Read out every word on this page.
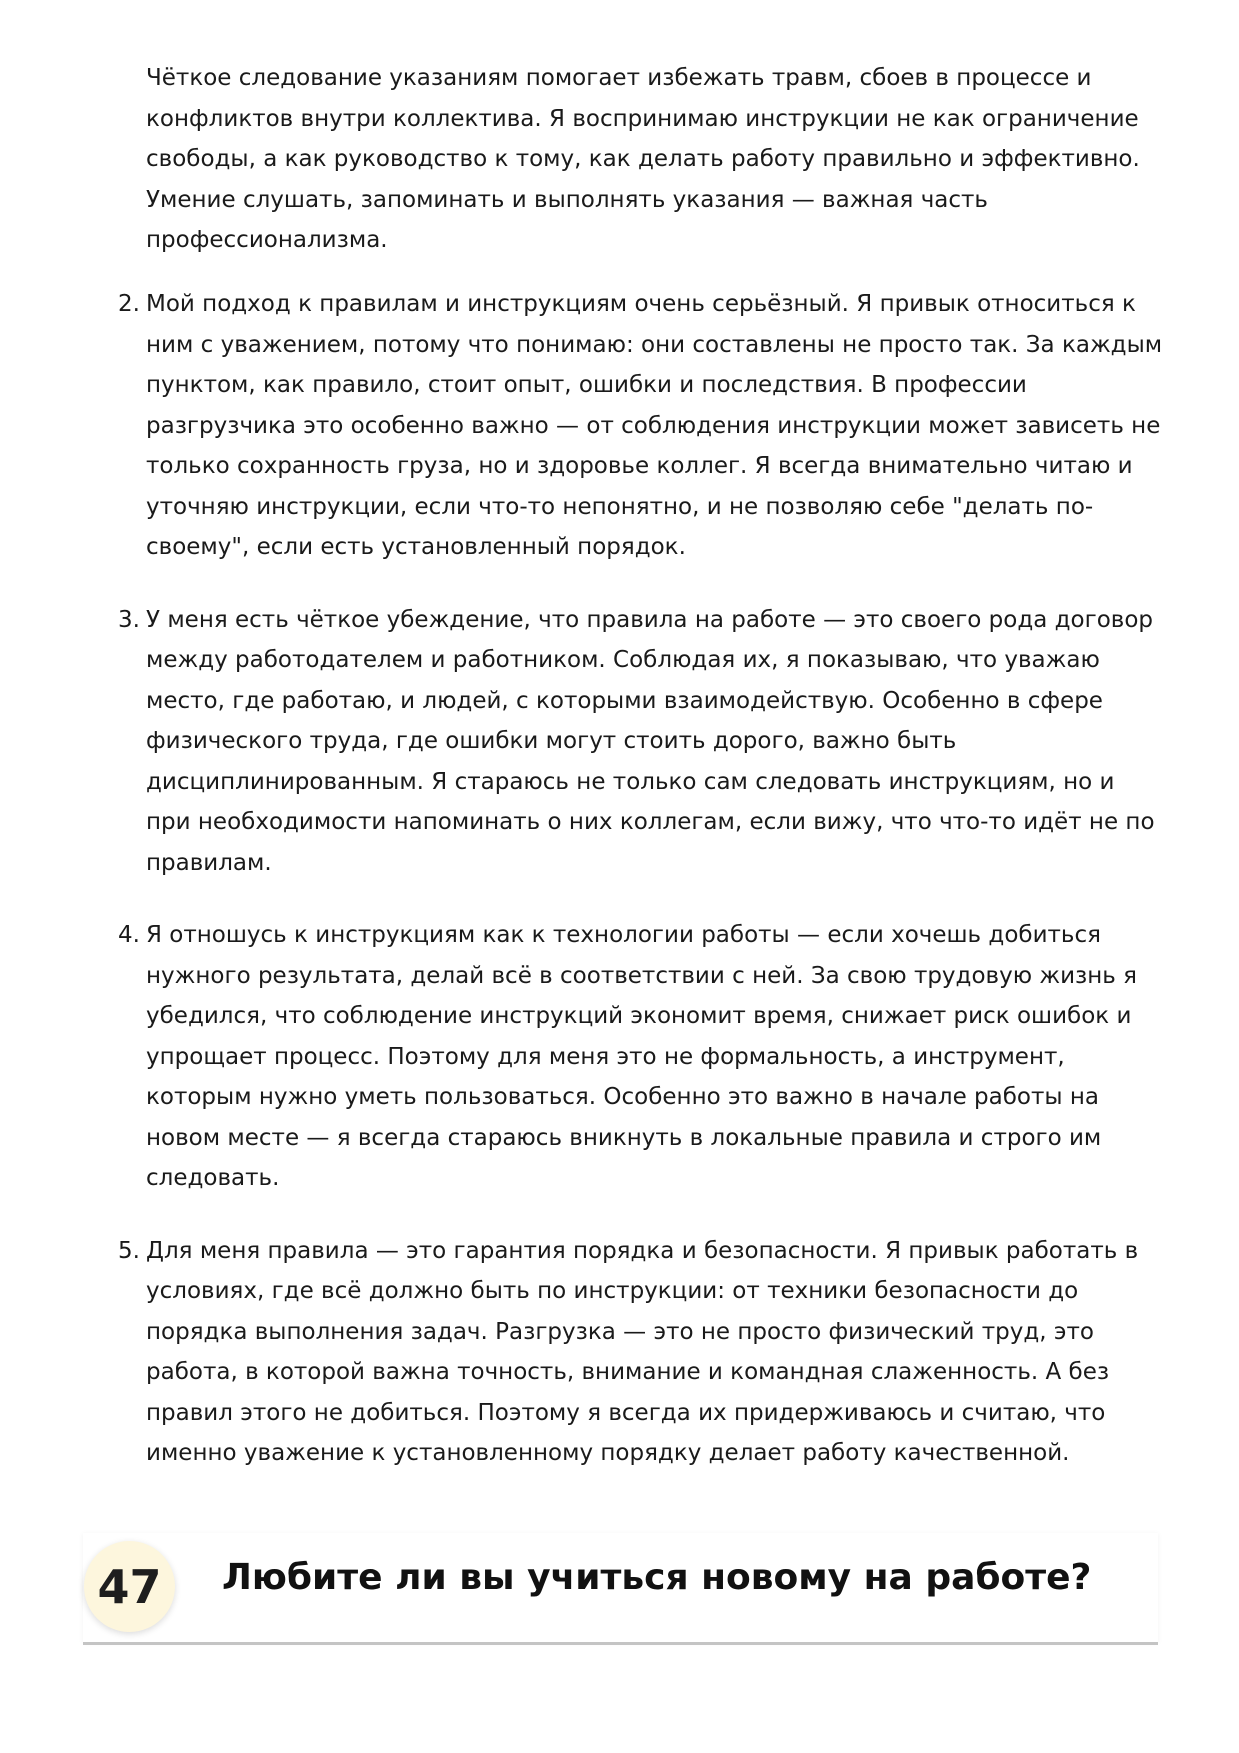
Чёткое следование указаниям помогает избежать травм, сбоев в процессе и конфликтов внутри коллектива. Я воспринимаю инструкции не как ограничение свободы, а как руководство к тому, как делать работу правильно и эффективно. Умение слушать, запоминать и выполнять указания — важная часть профессионализма.

2. Мой подход к правилам и инструкциям очень серьёзный. Я привык относиться к ним с уважением, потому что понимаю: они составлены не просто так. За каждым пунктом, как правило, стоит опыт, ошибки и последствия. В профессии разгрузчика это особенно важно — от соблюдения инструкции может зависеть не только сохранность груза, но и здоровье коллег. Я всегда внимательно читаю и уточняю инструкции, если что-то непонятно, и не позволяю себе "делать по-своему", если есть установленный порядок.
3. У меня есть чёткое убеждение, что правила на работе — это своего рода договор между работодателем и работником. Соблюдая их, я показываю, что уважаю место, где работаю, и людей, с которыми взаимодействую. Особенно в сфере физического труда, где ошибки могут стоить дорого, важно быть дисциплинированным. Я стараюсь не только сам следовать инструкциям, но и при необходимости напоминать о них коллегам, если вижу, что что-то идёт не по правилам.
4. Я отношусь к инструкциям как к технологии работы — если хочешь добиться нужного результата, делай всё в соответствии с ней. За свою трудовую жизнь я убедился, что соблюдение инструкций экономит время, снижает риск ошибок и упрощает процесс. Поэтому для меня это не формальность, а инструмент, которым нужно уметь пользоваться. Особенно это важно в начале работы на новом месте — я всегда стараюсь вникнуть в локальные правила и строго им следовать.
5. Для меня правила — это гарантия порядка и безопасности. Я привык работать в условиях, где всё должно быть по инструкции: от техники безопасности до порядка выполнения задач. Разгрузка — это не просто физический труд, это работа, в которой важна точность, внимание и командная слаженность. А без правил этого не добиться. Поэтому я всегда их придерживаюсь и считаю, что именно уважение к установленному порядку делает работу качественной.
47	Любите ли вы учиться новому на работе?
